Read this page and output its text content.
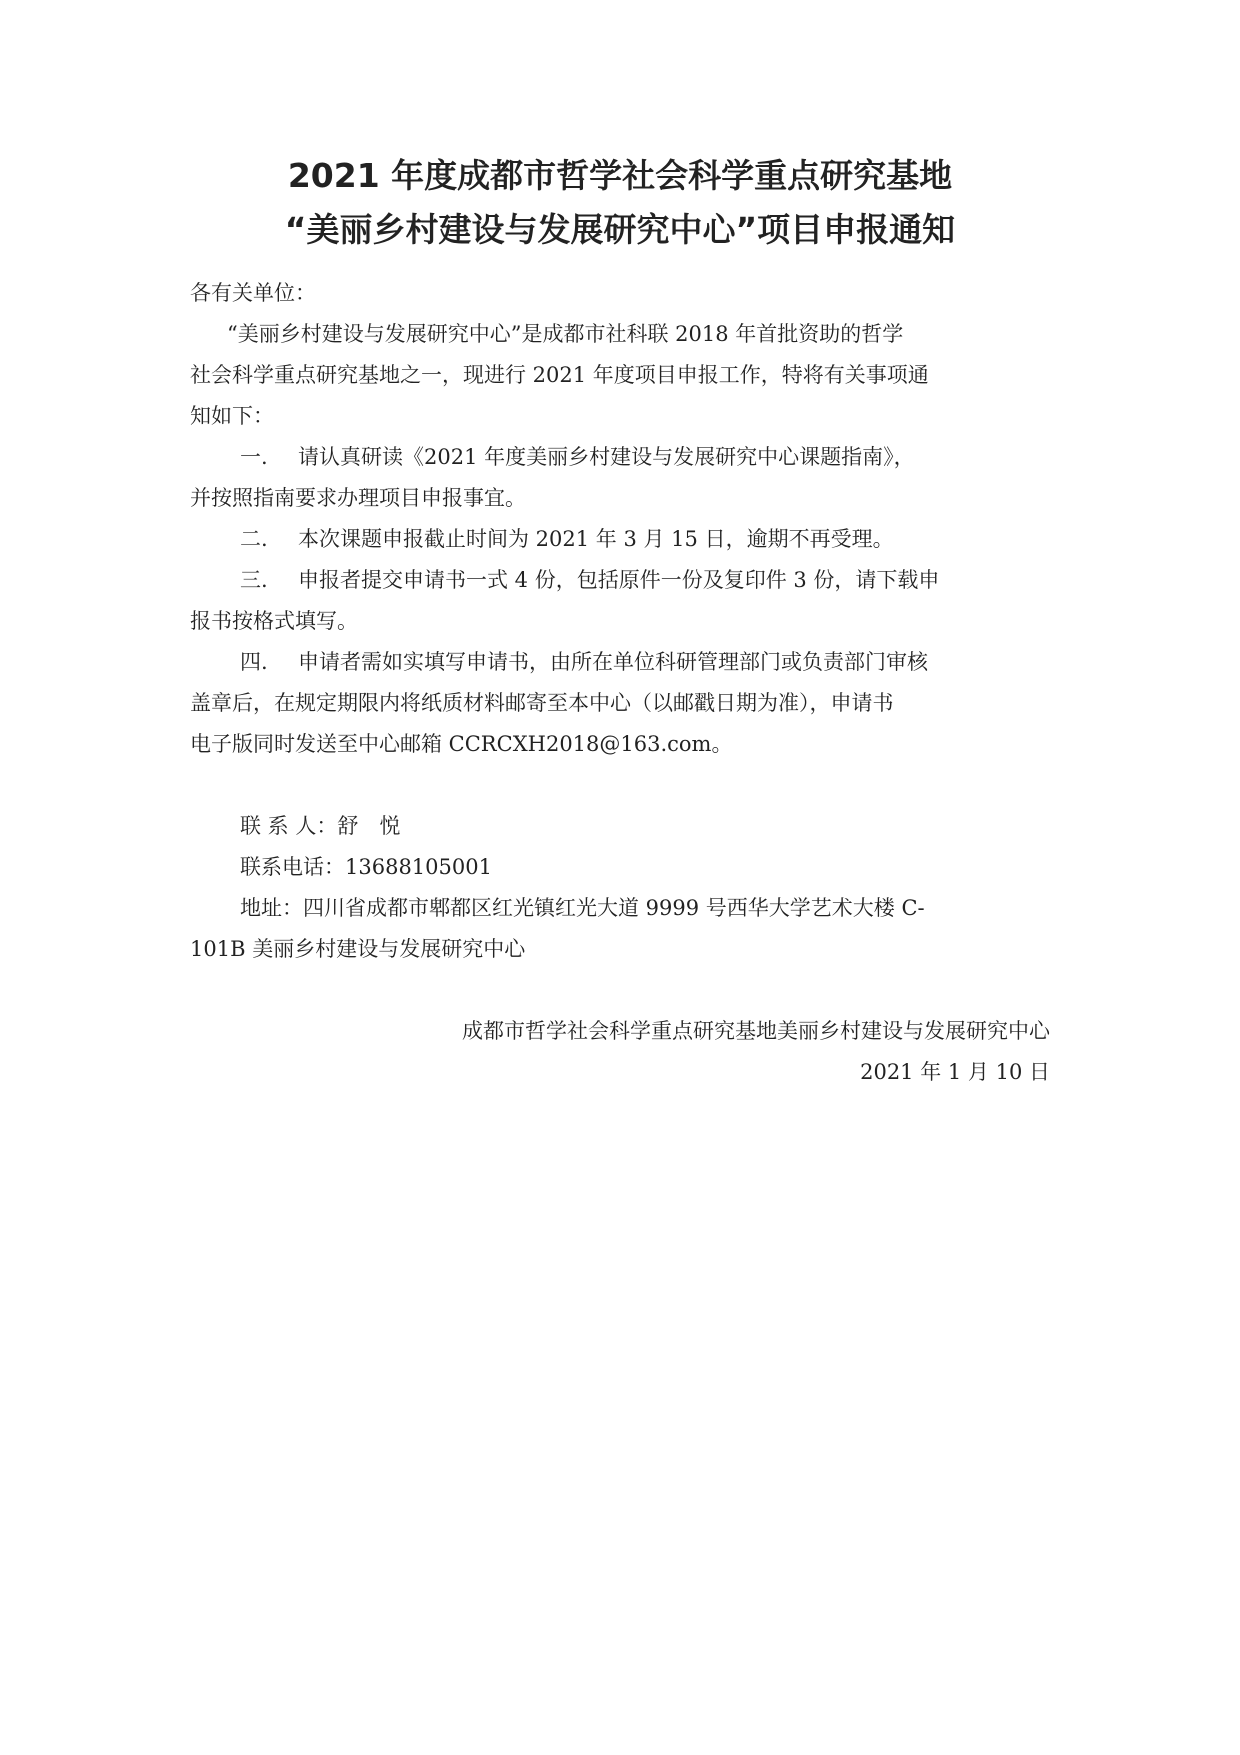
2021 年度成都市哲学社会科学重点研究基地
“美丽乡村建设与发展研究中心”项目申报通知
各有关单位：
“美丽乡村建设与发展研究中心”是成都市社科联 2018 年首批资助的哲学
社会科学重点研究基地之一，现进行 2021 年度项目申报工作，特将有关事项通
知如下：
一. 请认真研读《2021 年度美丽乡村建设与发展研究中心课题指南》，
并按照指南要求办理项目申报事宜。
二. 本次课题申报截止时间为 2021 年 3 月 15 日，逾期不再受理。
三. 申报者提交申请书一式 4 份，包括原件一份及复印件 3 份，请下载申
报书按格式填写。
四. 申请者需如实填写申请书，由所在单位科研管理部门或负责部门审核
盖章后，在规定期限内将纸质材料邮寄至本中心（以邮戳日期为准），申请书
电子版同时发送至中心邮箱 CCRCXH2018@163.com。
联 系 人：舒　悦
联系电话：13688105001
地址：四川省成都市郫都区红光镇红光大道 9999 号西华大学艺术大楼 C-
101B 美丽乡村建设与发展研究中心
成都市哲学社会科学重点研究基地美丽乡村建设与发展研究中心
2021 年 1 月 10 日
